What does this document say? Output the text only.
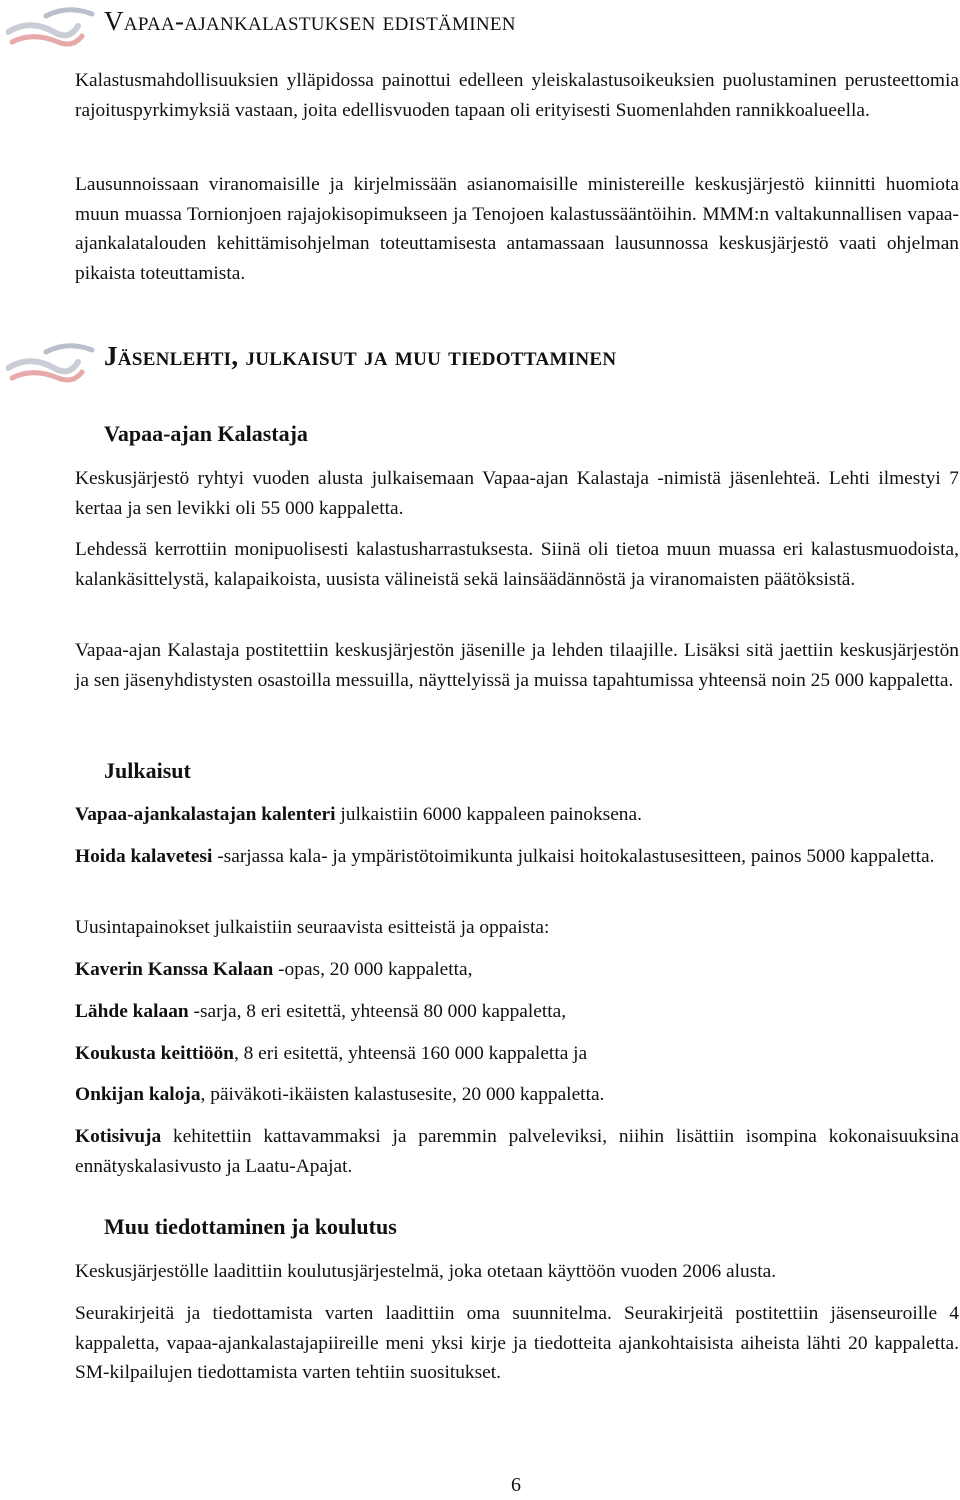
Vapaa-ajankalastuksen edistäminen

Kalastusmahdollisuuksien ylläpidossa painottui edelleen yleiskalastusoikeuksien puolustaminen perusteettomia rajoituspyrkimyksiä vastaan, joita edellisvuoden tapaan oli erityisesti Suomenlahden rannikkoalueella.

Lausunnoissaan viranomaisille ja kirjelmissään asianomaisille ministereille keskusjärjestö kiinnitti huomiota muun muassa Tornionjoen rajajokisopimukseen ja Tenojoen kalastussääntöihin. MMM:n valtakunnallisen vapaa-ajankalatalouden kehittämisohjelman toteuttamisesta antamassaan lausunnossa keskusjärjestö vaati ohjelman pikaista toteuttamista.

Jäsenlehti, julkaisut ja muu tiedottaminen
Vapaa-ajan Kalastaja

Keskusjärjestö ryhtyi vuoden alusta julkaisemaan Vapaa-ajan Kalastaja -nimistä jäsenlehteä. Lehti ilmestyi 7 kertaa ja sen levikki oli 55 000 kappaletta.

Lehdessä kerrottiin monipuolisesti kalastusharrastuksesta. Siinä oli tietoa muun muassa eri kalastusmuodoista, kalankäsittelystä, kalapaikoista, uusista välineistä sekä lainsäädännöstä ja viranomaisten päätöksistä.

Vapaa-ajan Kalastaja postitettiin keskusjärjestön jäsenille ja lehden tilaajille. Lisäksi sitä jaettiin keskusjärjestön ja sen jäsenyhdistysten osastoilla messuilla, näyttelyissä ja muissa tapahtumissa yhteensä noin 25 000 kappaletta.

Julkaisut

Vapaa-ajankalastajan kalenteri julkaistiin 6000 kappaleen painoksena.

Hoida kalavetesi -sarjassa kala- ja ympäristötoimikunta julkaisi hoitokalastusesitteen, painos 5000 kappaletta.

Uusintapainokset julkaistiin seuraavista esitteistä ja oppaista:

Kaverin Kanssa Kalaan -opas, 20 000 kappaletta,

Lähde kalaan -sarja, 8 eri esitettä, yhteensä 80 000 kappaletta,

Koukusta keittiöön, 8 eri esitettä, yhteensä 160 000 kappaletta ja

Onkijan kaloja, päiväkoti-ikäisten kalastusesite, 20 000 kappaletta.

Kotisivuja kehitettiin kattavammaksi ja paremmin palveleviksi, niihin lisättiin isompina kokonaisuuksina ennätyskalasivusto ja Laatu-Apajat.

Muu tiedottaminen ja koulutus

Keskusjärjestölle laadittiin koulutusjärjestelmä, joka otetaan käyttöön vuoden 2006 alusta.

Seurakirjeitä ja tiedottamista varten laadittiin oma suunnitelma. Seurakirjeitä postitettiin jäsenseuroille 4 kappaletta, vapaa-ajankalastajapiireille meni yksi kirje ja tiedotteita ajankohtaisista aiheista lähti 20 kappaletta. SM-kilpailujen tiedottamista varten tehtiin suositukset.

6
